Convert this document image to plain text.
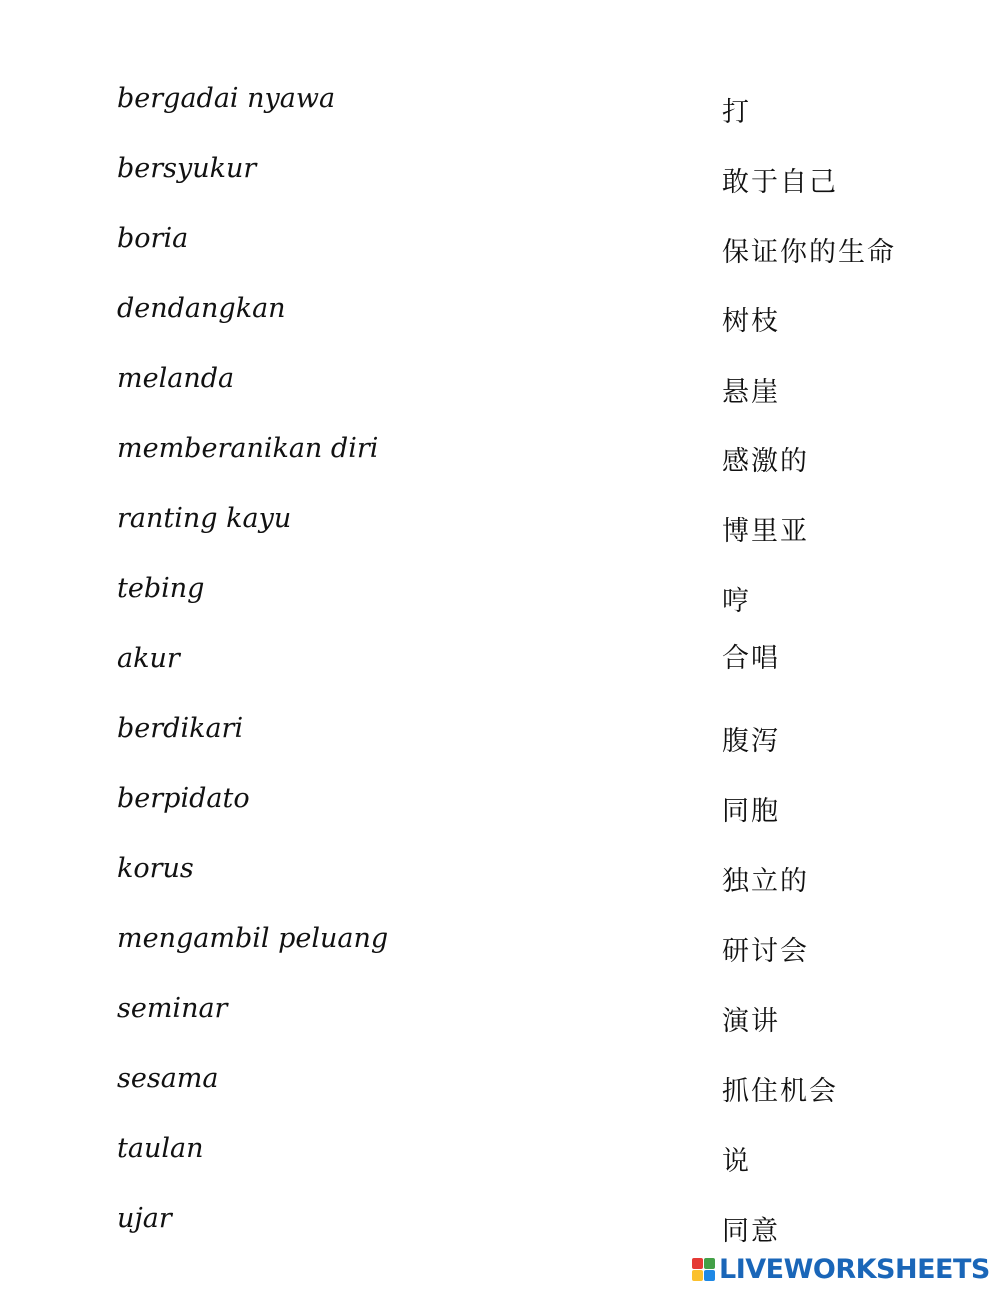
bergadai nyawa
bersyukur
boria
dendangkan
melanda
memberanikan diri
ranting kayu
tebing
akur
berdikari
berpidato
korus
mengambil peluang
seminar
sesama
taulan
ujar
打
敢于自己
保证你的生命
树枝
悬崖
感激的
博里亚
哼
合唱
腹泻
同胞
独立的
研讨会
演讲
抓住机会
说
同意
LIVEWORKSHEETS
